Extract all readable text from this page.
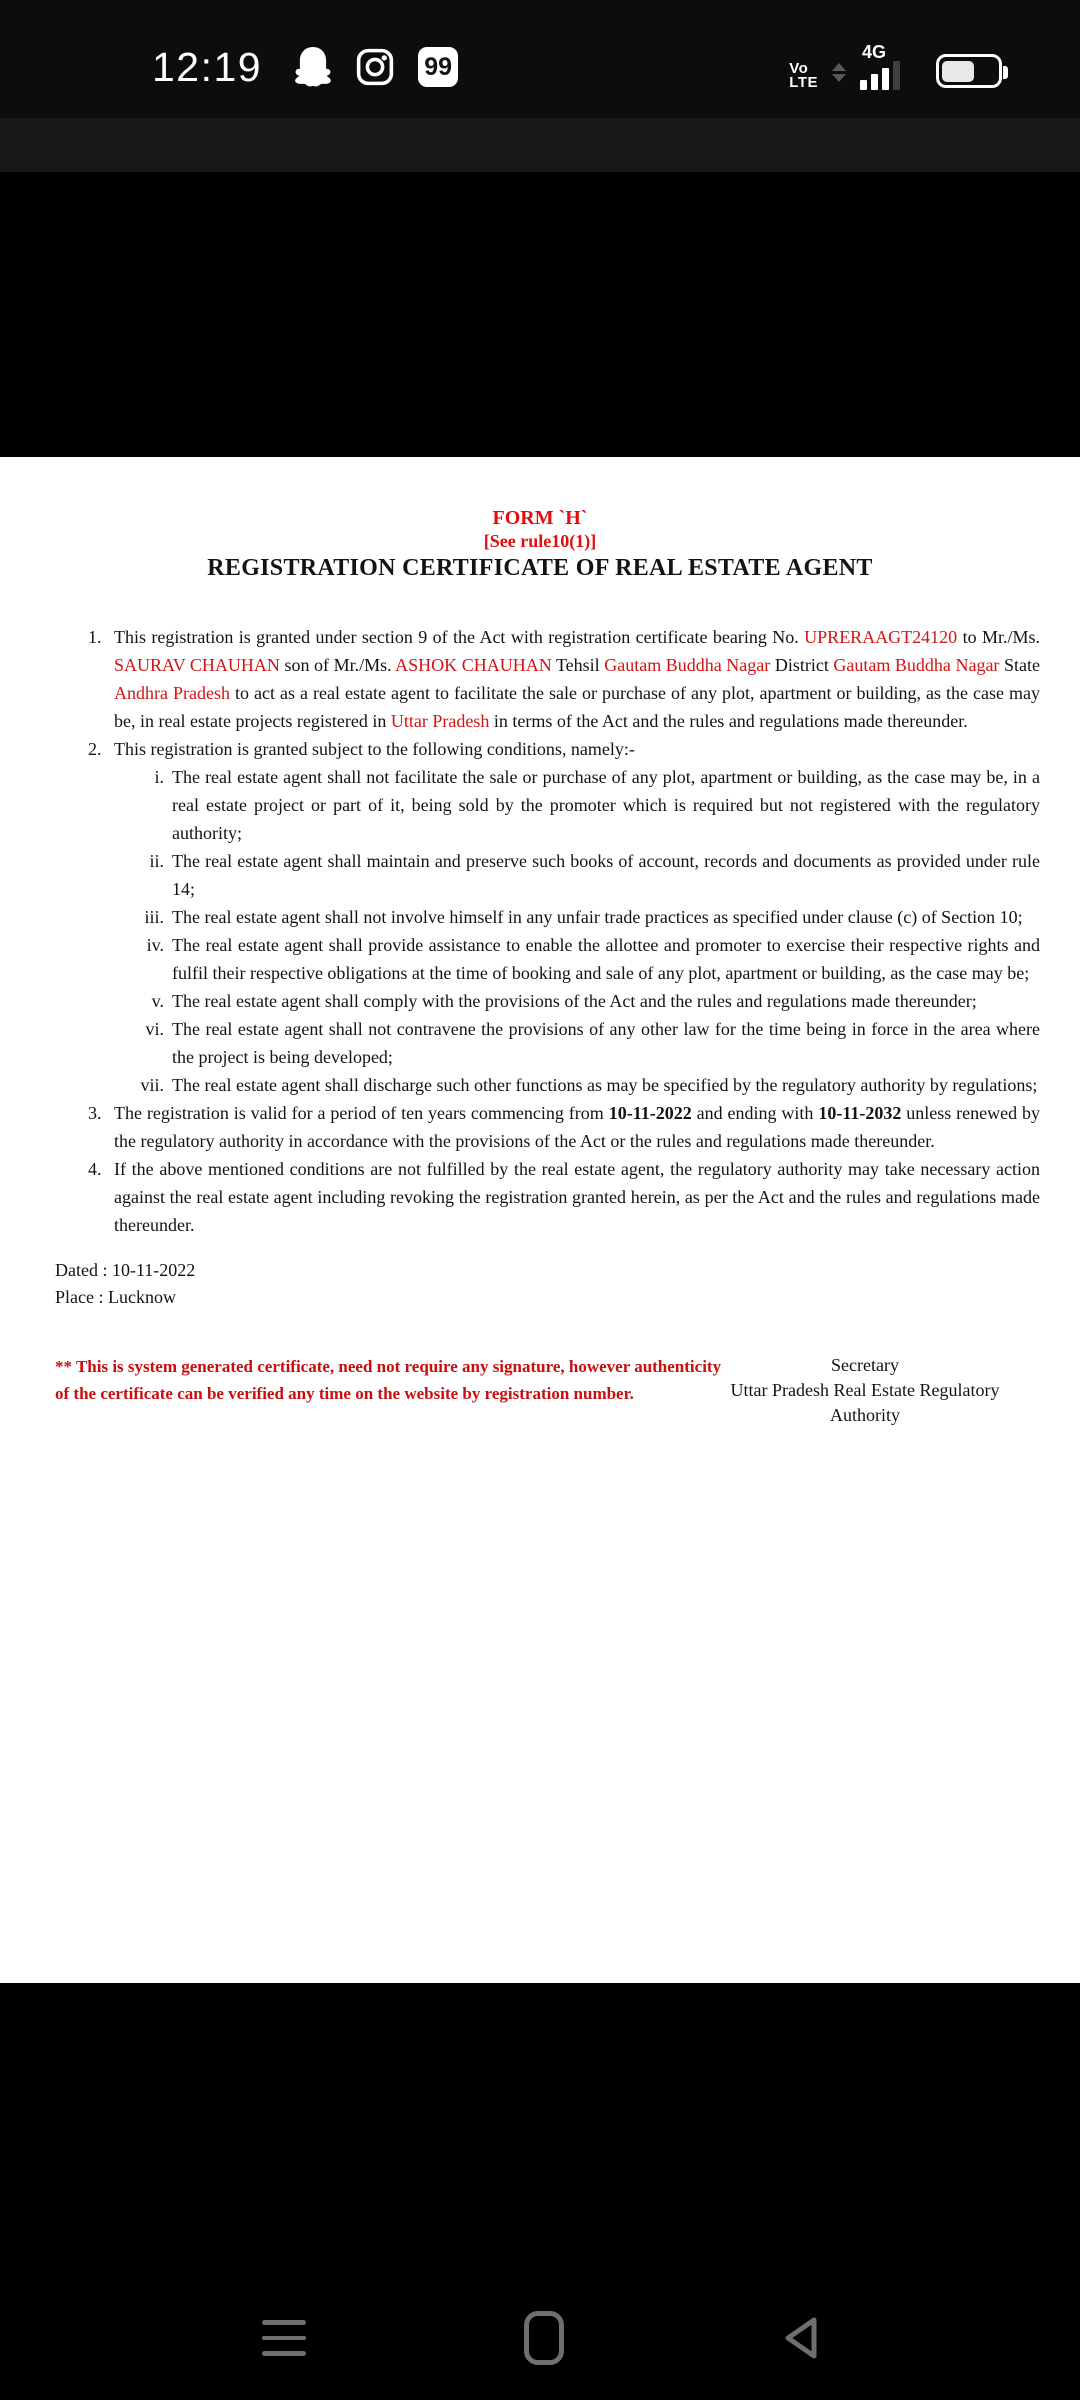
12:19	99	Vo
LTE
4G
FORM `H`
[See rule10(1)]
REGISTRATION CERTIFICATE OF REAL ESTATE AGENT
1. This registration is granted under section 9 of the Act with registration certificate bearing No. UPRERAAGT24120 to Mr./Ms. SAURAV CHAUHAN son of Mr./Ms. ASHOK CHAUHAN Tehsil Gautam Buddha Nagar District Gautam Buddha Nagar State Andhra Pradesh to act as a real estate agent to facilitate the sale or purchase of any plot, apartment or building, as the case may be, in real estate projects registered in Uttar Pradesh in terms of the Act and the rules and regulations made thereunder.
2. This registration is granted subject to the following conditions, namely:-
i. The real estate agent shall not facilitate the sale or purchase of any plot, apartment or building, as the case may be, in a real estate project or part of it, being sold by the promoter which is required but not registered with the regulatory authority;
ii. The real estate agent shall maintain and preserve such books of account, records and documents as provided under rule 14;
iii. The real estate agent shall not involve himself in any unfair trade practices as specified under clause (c) of Section 10;
iv. The real estate agent shall provide assistance to enable the allottee and promoter to exercise their respective rights and fulfil their respective obligations at the time of booking and sale of any plot, apartment or building, as the case may be;
v. The real estate agent shall comply with the provisions of the Act and the rules and regulations made thereunder;
vi. The real estate agent shall not contravene the provisions of any other law for the time being in force in the area where the project is being developed;
vii. The real estate agent shall discharge such other functions as may be specified by the regulatory authority by regulations;
3. The registration is valid for a period of ten years commencing from 10-11-2022 and ending with 10-11-2032 unless renewed by the regulatory authority in accordance with the provisions of the Act or the rules and regulations made thereunder.
4. If the above mentioned conditions are not fulfilled by the real estate agent, the regulatory authority may take necessary action against the real estate agent including revoking the registration granted herein, as per the Act and the rules and regulations made thereunder.
Dated : 10-11-2022
Place : Lucknow
Secretary
Uttar Pradesh Real Estate Regulatory
Authority
** This is system generated certificate, need not require any signature, however authenticity
of the certificate can be verified any time on the website by registration number.
